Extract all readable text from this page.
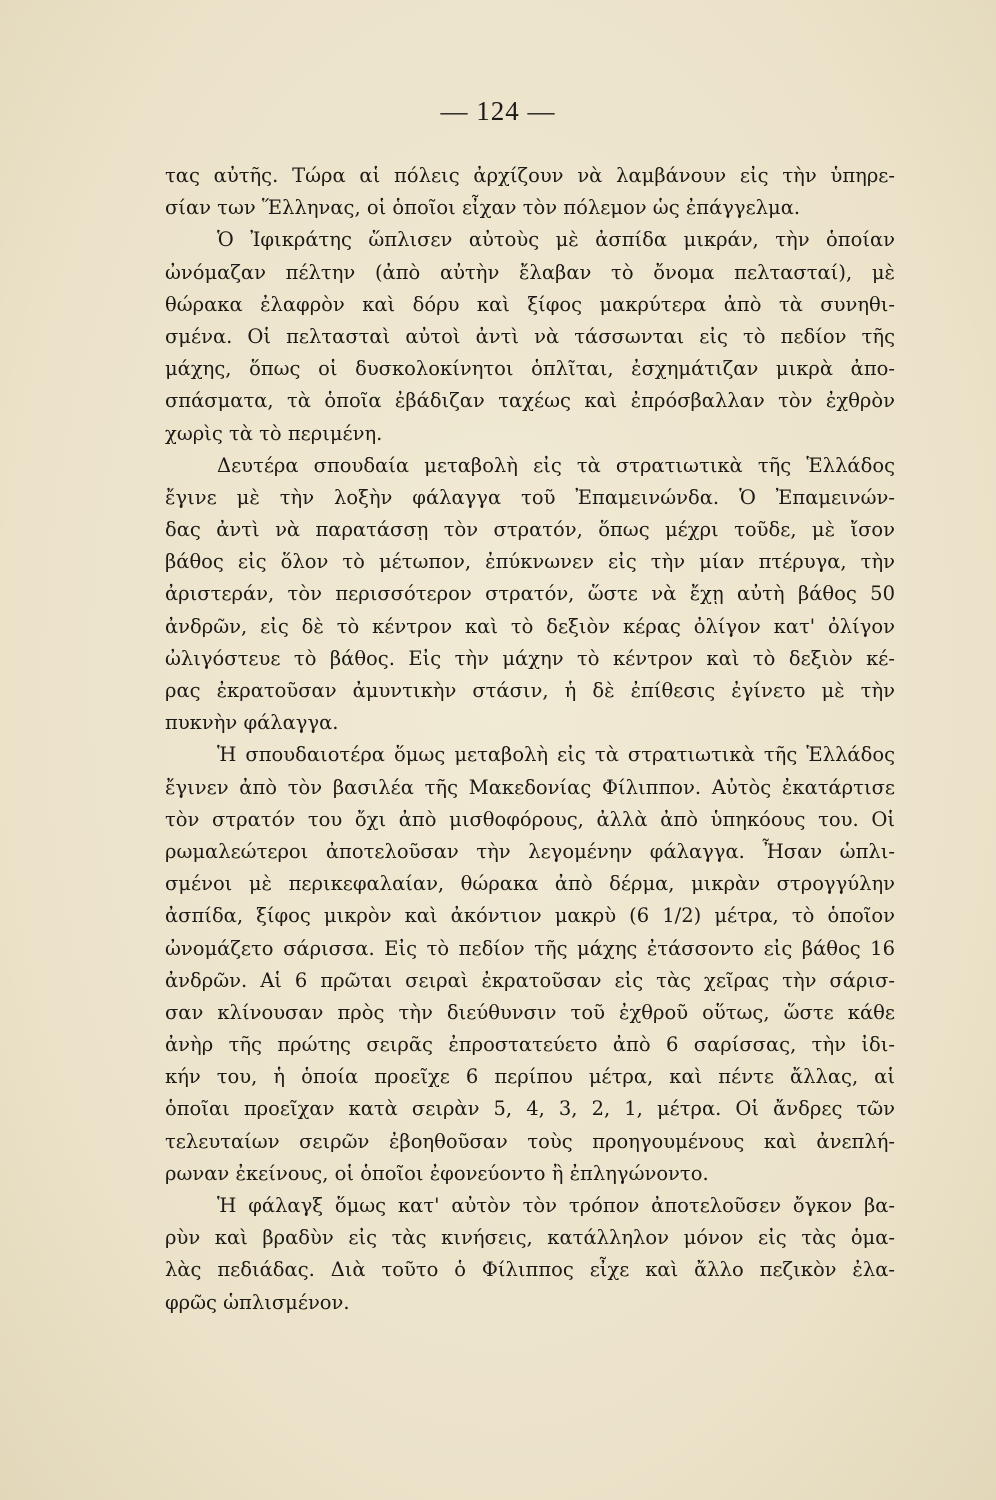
— 124 —
τας αὐτῆς. Τώρα αἱ πόλεις ἀρχίζουν νὰ λαμβάνουν εἰς τὴν ὑπηρε-
σίαν των Ἕλληνας, οἱ ὁποῖοι εἶχαν τὸν πόλεμον ὡς ἐπάγγελμα.
Ὁ Ἰφικράτης ὥπλισεν αὐτοὺς μὲ ἀσπίδα μικράν, τὴν ὁποίαν
ὠνόμαζαν πέλτην (ἀπὸ αὐτὴν ἔλαβαν τὸ ὄνομα πελτασταί), μὲ
θώρακα ἐλαφρὸν καὶ δόρυ καὶ ξίφος μακρύτερα ἀπὸ τὰ συνηθι-
σμένα. Οἱ πελτασταὶ αὐτοὶ ἀντὶ νὰ τάσσωνται εἰς τὸ πεδίον τῆς
μάχης, ὅπως οἱ δυσκολοκίνητοι ὁπλῖται, ἐσχημάτιζαν μικρὰ ἀπο-
σπάσματα, τὰ ὁποῖα ἐβάδιζαν ταχέως καὶ ἐπρόσβαλλαν τὸν ἐχθρὸν
χωρὶς τὰ τὸ περιμένη.
Δευτέρα σπουδαία μεταβολὴ εἰς τὰ στρατιωτικὰ τῆς Ἑλλάδος
ἔγινε μὲ τὴν λοξὴν φάλαγγα τοῦ Ἐπαμεινώνδα. Ὁ Ἐπαμεινών-
δας ἀντὶ νὰ παρατάσσῃ τὸν στρατόν, ὅπως μέχρι τοῦδε, μὲ ἴσον
βάθος εἰς ὅλον τὸ μέτωπον, ἐπύκνωνεν εἰς τὴν μίαν πτέρυγα, τὴν
ἀριστεράν, τὸν περισσότερον στρατόν, ὥστε νὰ ἔχῃ αὐτὴ βάθος 50
ἀνδρῶν, εἰς δὲ τὸ κέντρον καὶ τὸ δεξιὸν κέρας ὀλίγον κατ' ὀλίγον
ὠλιγόστευε τὸ βάθος. Εἰς τὴν μάχην τὸ κέντρον καὶ τὸ δεξιὸν κέ-
ρας ἐκρατοῦσαν ἀμυντικὴν στάσιν, ἡ δὲ ἐπίθεσις ἐγίνετο μὲ τὴν
πυκνὴν φάλαγγα.
Ἡ σπουδαιοτέρα ὅμως μεταβολὴ εἰς τὰ στρατιωτικὰ τῆς Ἑλλάδος
ἔγινεν ἀπὸ τὸν βασιλέα τῆς Μακεδονίας Φίλιππον. Αὐτὸς ἐκατάρτισε
τὸν στρατόν του ὄχι ἀπὸ μισθοφόρους, ἀλλὰ ἀπὸ ὑπηκόους του. Οἱ
ρωμαλεώτεροι ἀποτελοῦσαν τὴν λεγομένην φάλαγγα. Ἦσαν ὡπλι-
σμένοι μὲ περικεφαλαίαν, θώρακα ἀπὸ δέρμα, μικρὰν στρογγύλην
ἀσπίδα, ξίφος μικρὸν καὶ ἀκόντιον μακρὺ (6 1/2) μέτρα, τὸ ὁποῖον
ὠνομάζετο σάρισσα. Εἰς τὸ πεδίον τῆς μάχης ἐτάσσοντο εἰς βάθος 16
ἀνδρῶν. Αἱ 6 πρῶται σειραὶ ἐκρατοῦσαν εἰς τὰς χεῖρας τὴν σάρισ-
σαν κλίνουσαν πρὸς τὴν διεύθυνσιν τοῦ ἐχθροῦ οὕτως, ὥστε κάθε
ἀνὴρ τῆς πρώτης σειρᾶς ἐπροστατεύετο ἀπὸ 6 σαρίσσας, τὴν ἰδι-
κήν του, ἡ ὁποία προεῖχε 6 περίπου μέτρα, καὶ πέντε ἄλλας, αἱ
ὁποῖαι προεῖχαν κατὰ σειρὰν 5, 4, 3, 2, 1, μέτρα. Οἱ ἄνδρες τῶν
τελευταίων σειρῶν ἐβοηθοῦσαν τοὺς προηγουμένους καὶ ἀνεπλή-
ρωναν ἐκείνους, οἱ ὁποῖοι ἐφονεύοντο ἢ ἐπληγώνοντο.
Ἡ φάλαγξ ὅμως κατ' αὐτὸν τὸν τρόπον ἀποτελοῦσεν ὄγκον βα-
ρὺν καὶ βραδὺν εἰς τὰς κινήσεις, κατάλληλον μόνον εἰς τὰς ὁμα-
λὰς πεδιάδας. Διὰ τοῦτο ὁ Φίλιππος εἶχε καὶ ἄλλο πεζικὸν ἐλα-
φρῶς ὡπλισμένον.
